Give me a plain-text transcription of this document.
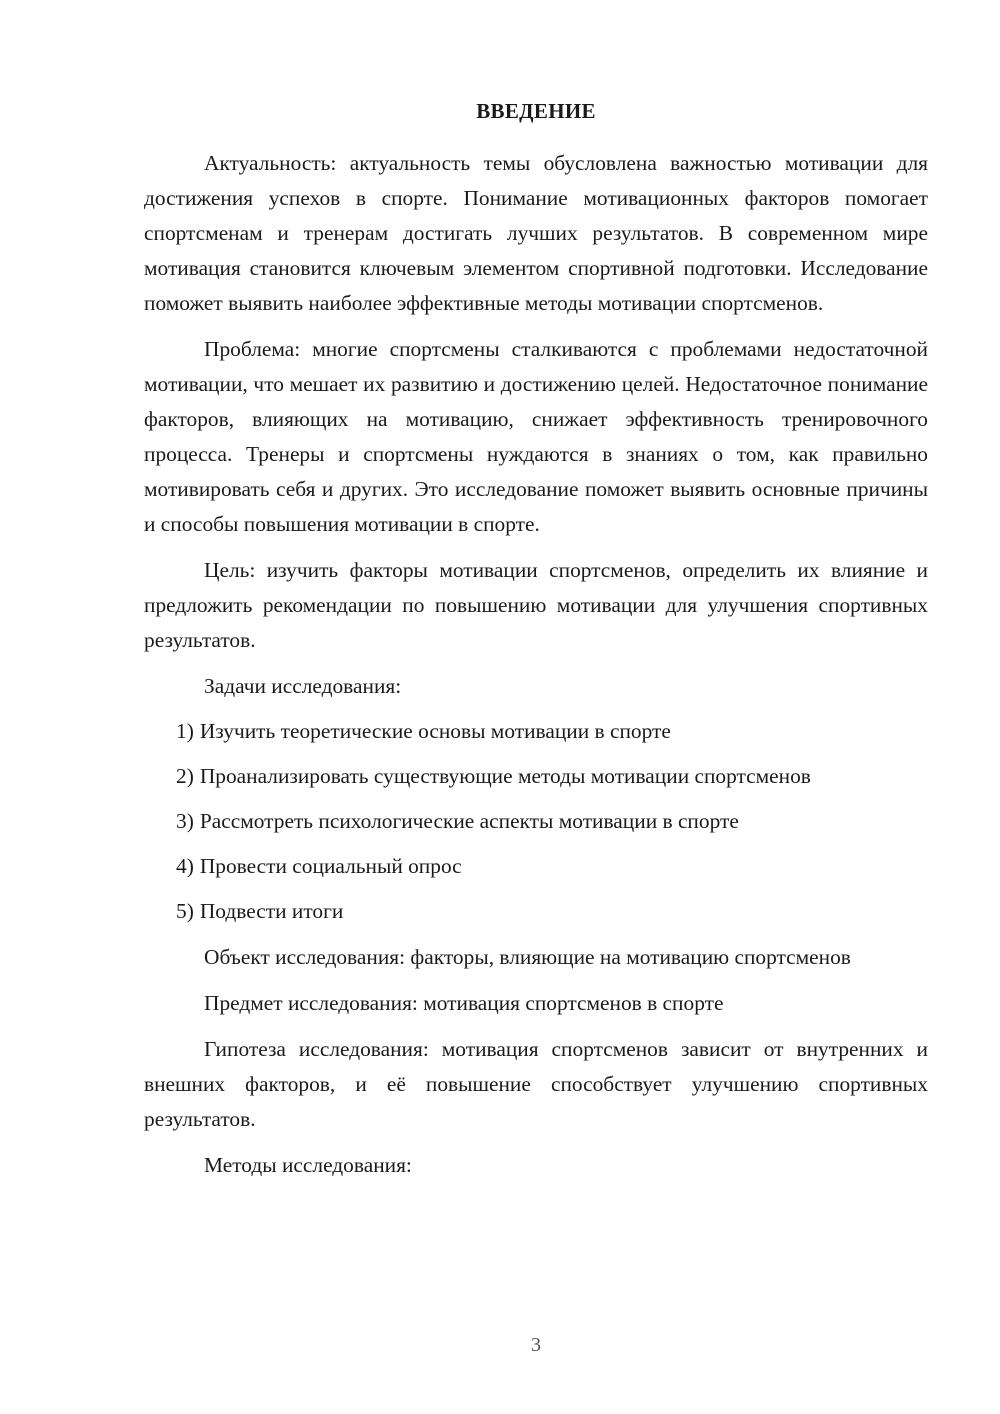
ВВЕДЕНИЕ

Актуальность: актуальность темы обусловлена важностью мотивации для достижения успехов в спорте. Понимание мотивационных факторов помогает спортсменам и тренерам достигать лучших результатов. В современном мире мотивация становится ключевым элементом спортивной подготовки. Исследование поможет выявить наиболее эффективные методы мотивации спортсменов.

Проблема: многие спортсмены сталкиваются с проблемами недостаточной мотивации, что мешает их развитию и достижению целей. Недостаточное понимание факторов, влияющих на мотивацию, снижает эффективность тренировочного процесса. Тренеры и спортсмены нуждаются в знаниях о том, как правильно мотивировать себя и других. Это исследование поможет выявить основные причины и способы повышения мотивации в спорте.

Цель: изучить факторы мотивации спортсменов, определить их влияние и предложить рекомендации по повышению мотивации для улучшения спортивных результатов.

Задачи исследования:

1) Изучить теоретические основы мотивации в спорте
2) Проанализировать существующие методы мотивации спортсменов
3) Рассмотреть психологические аспекты мотивации в спорте
4) Провести социальный опрос
5) Подвести итоги

Объект исследования: факторы, влияющие на мотивацию спортсменов

Предмет исследования: мотивация спортсменов в спорте

Гипотеза исследования: мотивация спортсменов зависит от внутренних и внешних факторов, и её повышение способствует улучшению спортивных результатов.

Методы исследования:

3
